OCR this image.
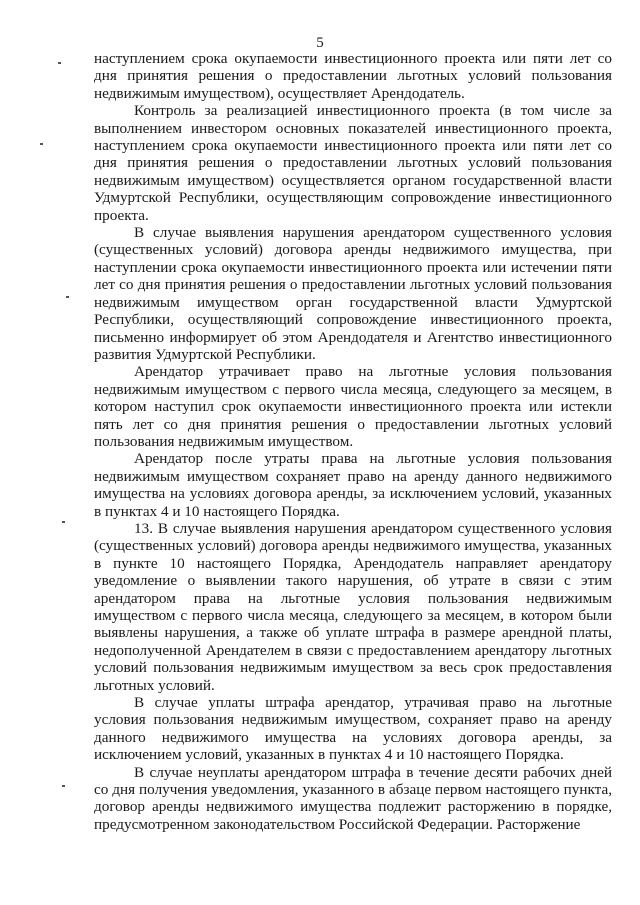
5

наступлением срока окупаемости инвестиционного проекта или пяти лет со дня принятия решения о предоставлении льготных условий пользования недвижимым имуществом), осуществляет Арендодатель.

Контроль за реализацией инвестиционного проекта (в том числе за выполнением инвестором основных показателей инвестиционного проекта, наступлением срока окупаемости инвестиционного проекта или пяти лет со дня принятия решения о предоставлении льготных условий пользования недвижимым имуществом) осуществляется органом государственной власти Удмуртской Республики, осуществляющим сопровождение инвестиционного проекта.

В случае выявления нарушения арендатором существенного условия (существенных условий) договора аренды недвижимого имущества, при наступлении срока окупаемости инвестиционного проекта или истечении пяти лет со дня принятия решения о предоставлении льготных условий пользования недвижимым имуществом орган государственной власти Удмуртской Республики, осуществляющий сопровождение инвестиционного проекта, письменно информирует об этом Арендодателя и Агентство инвестиционного развития Удмуртской Республики.

Арендатор утрачивает право на льготные условия пользования недвижимым имуществом с первого числа месяца, следующего за месяцем, в котором наступил срок окупаемости инвестиционного проекта или истекли пять лет со дня принятия решения о предоставлении льготных условий пользования недвижимым имуществом.

Арендатор после утраты права на льготные условия пользования недвижимым имуществом сохраняет право на аренду данного недвижимого имущества на условиях договора аренды, за исключением условий, указанных в пунктах 4 и 10 настоящего Порядка.

13. В случае выявления нарушения арендатором существенного условия (существенных условий) договора аренды недвижимого имущества, указанных в пункте 10 настоящего Порядка, Арендодатель направляет арендатору уведомление о выявлении такого нарушения, об утрате в связи с этим арендатором права на льготные условия пользования недвижимым имуществом с первого числа месяца, следующего за месяцем, в котором были выявлены нарушения, а также об уплате штрафа в размере арендной платы, недополученной Арендателем в связи с предоставлением арендатору льготных условий пользования недвижимым имуществом за весь срок предоставления льготных условий.

В случае уплаты штрафа арендатор, утрачивая право на льготные условия пользования недвижимым имуществом, сохраняет право на аренду данного недвижимого имущества на условиях договора аренды, за исключением условий, указанных в пунктах 4 и 10 настоящего Порядка.

В случае неуплаты арендатором штрафа в течение десяти рабочих дней со дня получения уведомления, указанного в абзаце первом настоящего пункта, договор аренды недвижимого имущества подлежит расторжению в порядке, предусмотренном законодательством Российской Федерации. Расторжение
